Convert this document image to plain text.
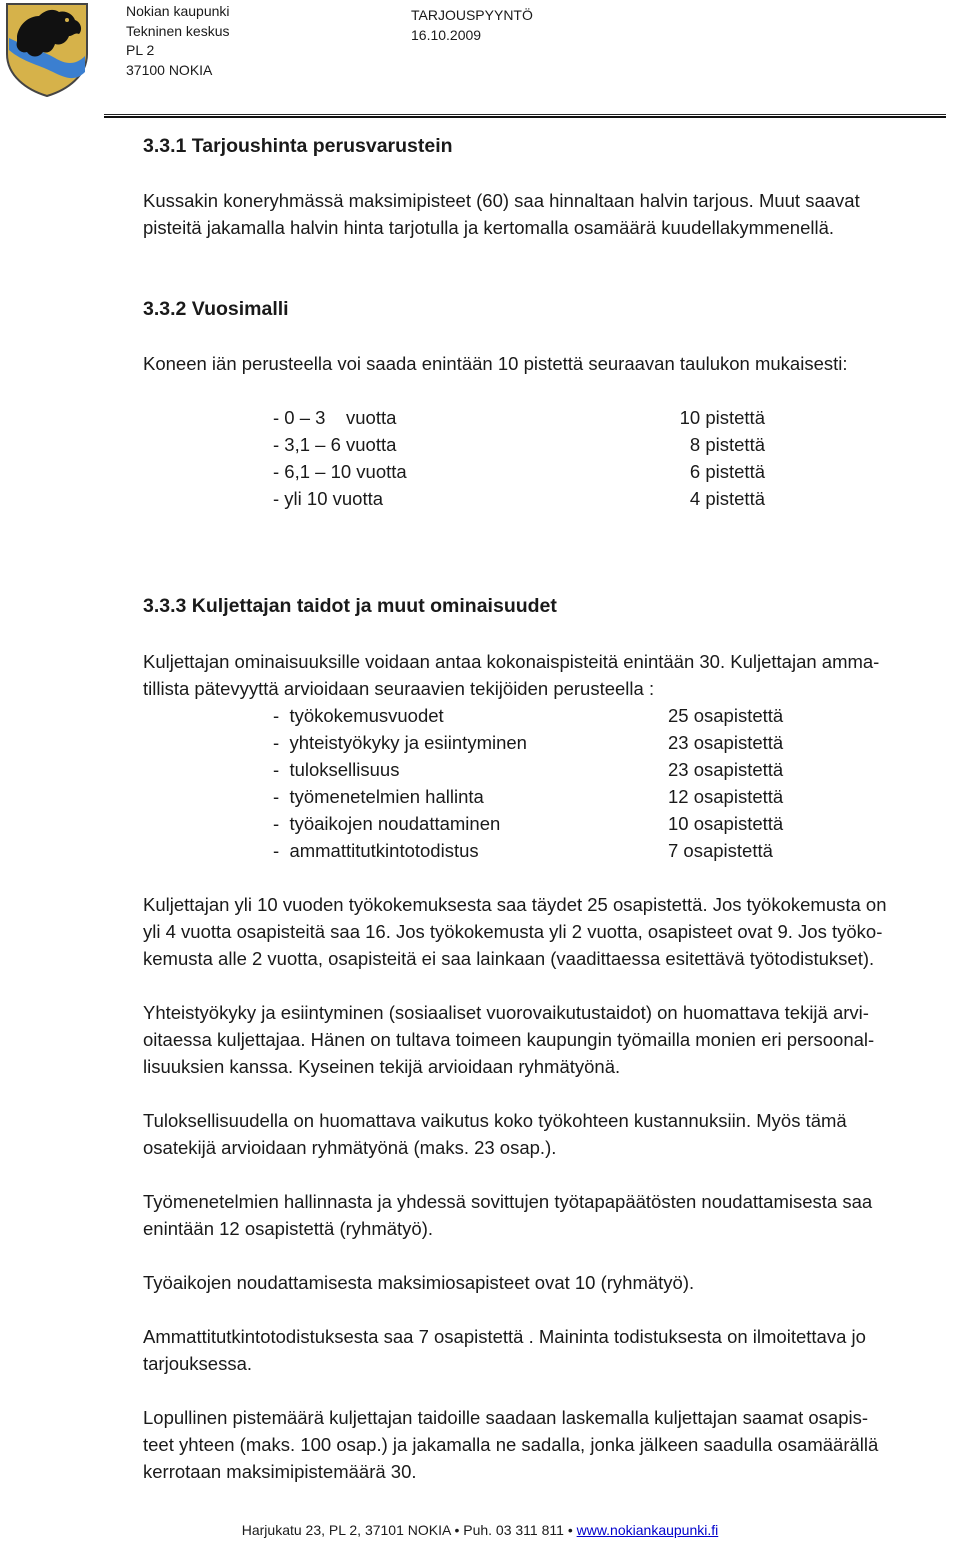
Nokian kaupunki
Tekninen keskus
PL 2
37100 NOKIA
TARJOUSPYYNTÖ
16.10.2009
3.3.1 Tarjoushinta perusvarustein
Kussakin koneryhmässä maksimipisteet (60) saa hinnaltaan halvin tarjous. Muut saavat
pisteitä jakamalla halvin hinta tarjotulla ja kertomalla osamäärä kuudellakymmenellä.
3.3.2 Vuosimalli
Koneen iän perusteella voi saada enintään 10 pistettä seuraavan taulukon mukaisesti:
- 0 – 3    vuotta	10 pistettä
- 3,1 – 6 vuotta	8 pistettä
- 6,1 – 10 vuotta	6 pistettä
- yli 10 vuotta	4 pistettä
3.3.3 Kuljettajan taidot ja muut ominaisuudet
Kuljettajan ominaisuuksille voidaan antaa kokonaispisteitä enintään 30. Kuljettajan amma-
tillista pätevyyttä arvioidaan seuraavien tekijöiden perusteella :
-  työkokemusvuodet	25 osapistettä
-  yhteistyökyky ja esiintyminen	23 osapistettä
-  tuloksellisuus	23 osapistettä
-  työmenetelmien hallinta	12 osapistettä
-  työaikojen noudattaminen	10 osapistettä
-  ammattitutkintotodistus	7 osapistettä
Kuljettajan yli 10 vuoden työkokemuksesta saa täydet 25 osapistettä. Jos työkokemusta on
yli 4 vuotta osapisteitä saa 16. Jos työkokemusta yli 2 vuotta, osapisteet ovat 9. Jos työko-
kemusta alle 2 vuotta, osapisteitä ei saa lainkaan (vaadittaessa esitettävä työtodistukset).
Yhteistyökyky ja esiintyminen (sosiaaliset vuorovaikutustaidot) on huomattava tekijä arvi-
oitaessa kuljettajaa. Hänen on tultava toimeen kaupungin työmailla monien eri persoonal-
lisuuksien kanssa. Kyseinen tekijä arvioidaan ryhmätyönä.
Tuloksellisuudella on huomattava vaikutus koko työkohteen kustannuksiin. Myös tämä
osatekijä arvioidaan ryhmätyönä (maks. 23 osap.).
Työmenetelmien hallinnasta ja yhdessä sovittujen työtapapäätösten noudattamisesta saa
enintään 12 osapistettä (ryhmätyö).
Työaikojen noudattamisesta maksimiosapisteet ovat 10 (ryhmätyö).
Ammattitutkintotodistuksesta saa 7 osapistettä . Maininta todistuksesta on ilmoitettava jo
tarjouksessa.
Lopullinen pistemäärä kuljettajan taidoille saadaan laskemalla kuljettajan saamat osapis-
teet yhteen (maks. 100 osap.) ja jakamalla ne sadalla, jonka jälkeen saadulla osamäärällä
kerrotaan maksimipistemäärä 30.
Harjukatu 23, PL 2, 37101 NOKIA • Puh. 03 311 811 • www.nokiankaupunki.fi
